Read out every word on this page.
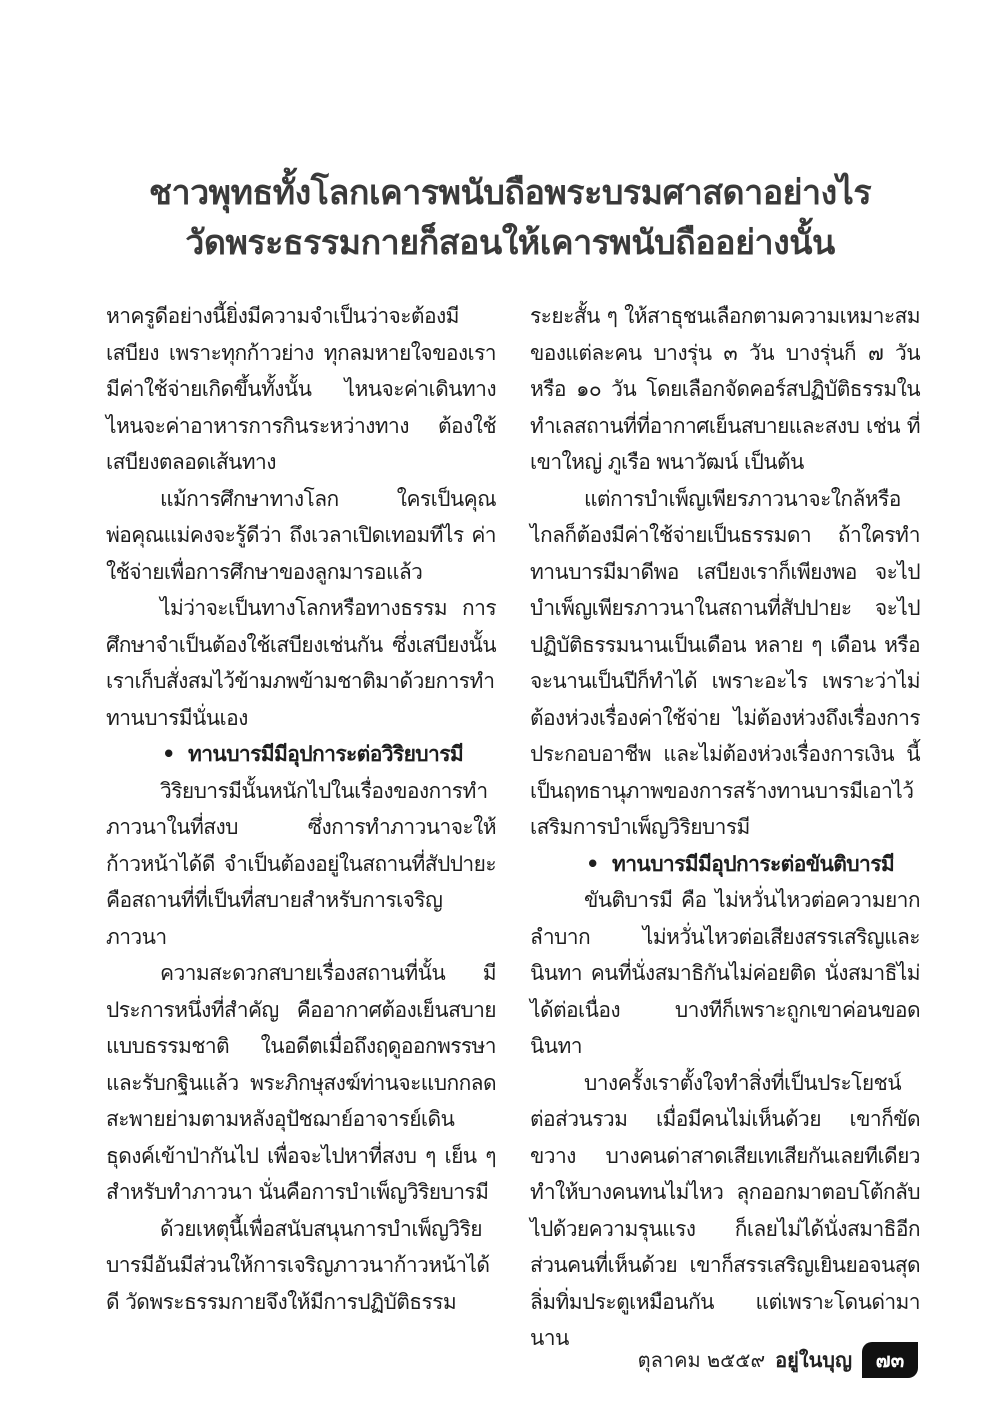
ชาวพุทธทั้งโลกเคารพนับถือพระบรมศาสดาอย่างไร
วัดพระธรรมกายก็สอนให้เคารพนับถืออย่างนั้น

หาครูดีอย่างนี้ยิ่งมีความจำเป็นว่าจะต้องมีเสบียง เพราะทุกก้าวย่าง ทุกลมหายใจของเรามีค่าใช้จ่ายเกิดขึ้นทั้งนั้น ไหนจะค่าเดินทาง ไหนจะค่าอาหารการกินระหว่างทาง ต้องใช้เสบียงตลอดเส้นทาง

แม้การศึกษาทางโลก ใครเป็นคุณพ่อคุณแม่คงจะรู้ดีว่า ถึงเวลาเปิดเทอมทีไร ค่าใช้จ่ายเพื่อการศึกษาของลูกมารอแล้ว

ไม่ว่าจะเป็นทางโลกหรือทางธรรม การศึกษาจำเป็นต้องใช้เสบียงเช่นกัน ซึ่งเสบียงนั้นเราเก็บสั่งสมไว้ข้ามภพข้ามชาติมาด้วยการทำทานบารมีนั่นเอง

• ทานบารมีมีอุปการะต่อวิริยบารมี

วิริยบารมีนั้นหนักไปในเรื่องของการทำภาวนาในที่สงบ ซึ่งการทำภาวนาจะให้ก้าวหน้าได้ดี จำเป็นต้องอยู่ในสถานที่สัปปายะ คือสถานที่ที่เป็นที่สบายสำหรับการเจริญภาวนา

ความสะดวกสบายเรื่องสถานที่นั้น มีประการหนึ่งที่สำคัญ คืออากาศต้องเย็นสบายแบบธรรมชาติ ในอดีตเมื่อถึงฤดูออกพรรษาและรับกฐินแล้ว พระภิกษุสงฆ์ท่านจะแบกกลดสะพายย่ามตามหลังอุปัชฌาย์อาจารย์เดินธุดงค์เข้าป่ากันไป เพื่อจะไปหาที่สงบ ๆ เย็น ๆ สำหรับทำภาวนา นั่นคือการบำเพ็ญวิริยบารมี

ด้วยเหตุนี้เพื่อสนับสนุนการบำเพ็ญวิริยบารมีอันมีส่วนให้การเจริญภาวนาก้าวหน้าได้ดี วัดพระธรรมกายจึงให้มีการปฏิบัติธรรม

ระยะสั้น ๆ ให้สาธุชนเลือกตามความเหมาะสมของแต่ละคน บางรุ่น ๓ วัน บางรุ่นก็ ๗ วัน หรือ ๑๐ วัน โดยเลือกจัดคอร์สปฏิบัติธรรมในทำเลสถานที่ที่อากาศเย็นสบายและสงบ เช่น ที่เขาใหญ่ ภูเรือ พนาวัฒน์ เป็นต้น

แต่การบำเพ็ญเพียรภาวนาจะใกล้หรือไกลก็ต้องมีค่าใช้จ่ายเป็นธรรมดา ถ้าใครทำทานบารมีมาดีพอ เสบียงเราก็เพียงพอ จะไปบำเพ็ญเพียรภาวนาในสถานที่สัปปายะ จะไปปฏิบัติธรรมนานเป็นเดือน หลาย ๆ เดือน หรือจะนานเป็นปีก็ทำได้ เพราะอะไร เพราะว่าไม่ต้องห่วงเรื่องค่าใช้จ่าย ไม่ต้องห่วงถึงเรื่องการประกอบอาชีพ และไม่ต้องห่วงเรื่องการเงิน นี้เป็นฤทธานุภาพของการสร้างทานบารมีเอาไว้เสริมการบำเพ็ญวิริยบารมี

• ทานบารมีมีอุปการะต่อขันติบารมี

ขันติบารมี คือ ไม่หวั่นไหวต่อความยากลำบาก ไม่หวั่นไหวต่อเสียงสรรเสริญและนินทา คนที่นั่งสมาธิกันไม่ค่อยติด นั่งสมาธิไม่ได้ต่อเนื่อง บางทีก็เพราะถูกเขาค่อนขอดนินทา

บางครั้งเราตั้งใจทำสิ่งที่เป็นประโยชน์ต่อส่วนรวม เมื่อมีคนไม่เห็นด้วย เขาก็ขัดขวาง บางคนด่าสาดเสียเทเสียกันเลยทีเดียว ทำให้บางคนทนไม่ไหว ลุกออกมาตอบโต้กลับไปด้วยความรุนแรง ก็เลยไม่ได้นั่งสมาธิอีก ส่วนคนที่เห็นด้วย เขาก็สรรเสริญเยินยอจนสุดลิ่มทิ่มประตูเหมือนกัน แต่เพราะโดนด่ามานาน

ตุลาคม ๒๕๕๙ อยู่ในบุญ	๗๓
